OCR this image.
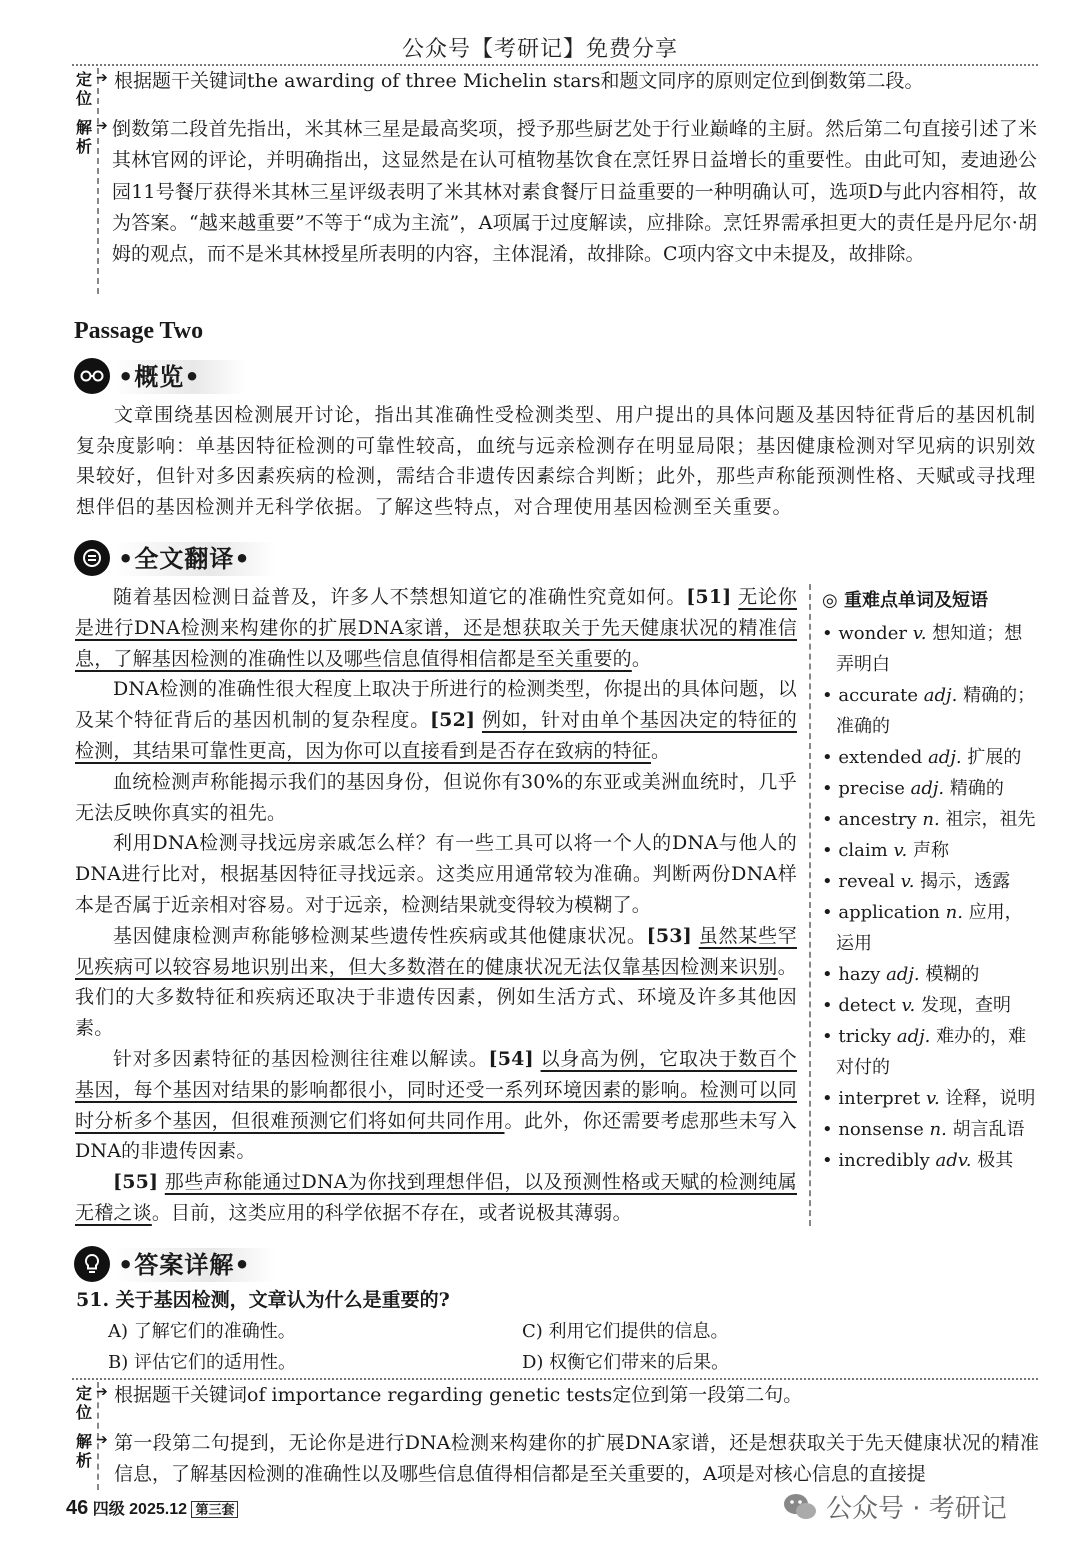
公众号【考研记】免费分享
定位
➔ 根据题干关键词the awarding of three Michelin stars和题文同序的原则定位到倒数第二段。
解析
➔ 倒数第二段首先指出，米其林三星是最高奖项，授予那些厨艺处于行业巅峰的主厨。然后第二句直接引述了米其林官网的评论，并明确指出，这显然是在认可植物基饮食在烹饪界日益增长的重要性。由此可知，麦迪逊公园11号餐厅获得米其林三星评级表明了米其林对素食餐厅日益重要的一种明确认可，选项D与此内容相符，故为答案。“越来越重要”不等于“成为主流”，A项属于过度解读，应排除。烹饪界需承担更大的责任是丹尼尔·胡姆的观点，而不是米其林授星所表明的内容，主体混淆，故排除。C项内容文中未提及，故排除。
Passage Two
•概览•
文章围绕基因检测展开讨论，指出其准确性受检测类型、用户提出的具体问题及基因特征背后的基因机制复杂度影响：单基因特征检测的可靠性较高，血统与远亲检测存在明显局限；基因健康检测对罕见病的识别效果较好，但针对多因素疾病的检测，需结合非遗传因素综合判断；此外，那些声称能预测性格、天赋或寻找理想伴侣的基因检测并无科学依据。了解这些特点，对合理使用基因检测至关重要。
•全文翻译•

随着基因检测日益普及，许多人不禁想知道它的准确性究竟如何。[51] 无论你是进行DNA检测来构建你的扩展DNA家谱，还是想获取关于先天健康状况的精准信息，了解基因检测的准确性以及哪些信息值得相信都是至关重要的。

DNA检测的准确性很大程度上取决于所进行的检测类型，你提出的具体问题，以及某个特征背后的基因机制的复杂程度。[52] 例如，针对由单个基因决定的特征的检测，其结果可靠性更高，因为你可以直接看到是否存在致病的特征。

血统检测声称能揭示我们的基因身份，但说你有30%的东亚或美洲血统时，几乎无法反映你真实的祖先。

利用DNA检测寻找远房亲戚怎么样？有一些工具可以将一个人的DNA与他人的DNA进行比对，根据基因特征寻找远亲。这类应用通常较为准确。判断两份DNA样本是否属于近亲相对容易。对于远亲，检测结果就变得较为模糊了。

基因健康检测声称能够检测某些遗传性疾病或其他健康状况。[53] 虽然某些罕见疾病可以较容易地识别出来，但大多数潜在的健康状况无法仅靠基因检测来识别。我们的大多数特征和疾病还取决于非遗传因素，例如生活方式、环境及许多其他因素。

针对多因素特征的基因检测往往难以解读。[54] 以身高为例，它取决于数百个基因，每个基因对结果的影响都很小，同时还受一系列环境因素的影响。检测可以同时分析多个基因，但很难预测它们将如何共同作用。此外，你还需要考虑那些未写入DNA的非遗传因素。

[55] 那些声称能通过DNA为你找到理想伴侣，以及预测性格或天赋的检测纯属无稽之谈。目前，这类应用的科学依据不存在，或者说极其薄弱。

◎ 重难点单词及短语
• wonder v. 想知道；想弄明白
• accurate adj. 精确的；准确的
• extended adj. 扩展的
• precise adj. 精确的
• ancestry n. 祖宗，祖先
• claim v. 声称
• reveal v. 揭示，透露
• application n. 应用，运用
• hazy adj. 模糊的
• detect v. 发现，查明
• tricky adj. 难办的，难对付的
• interpret v. 诠释，说明
• nonsense n. 胡言乱语
• incredibly adv. 极其
•答案详解•
51. 关于基因检测，文章认为什么是重要的?
A) 了解它们的准确性。	C) 利用它们提供的信息。
B) 评估它们的适用性。	D) 权衡它们带来的后果。
定位
➔ 根据题干关键词of importance regarding genetic tests定位到第一段第二句。
解析
➔ 第一段第二句提到，无论你是进行DNA检测来构建你的扩展DNA家谱，还是想获取关于先天健康状况的精准信息，了解基因检测的准确性以及哪些信息值得相信都是至关重要的，A项是对核心信息的直接提
46 四级 2025.12 第三套	公众号 · 考研记
